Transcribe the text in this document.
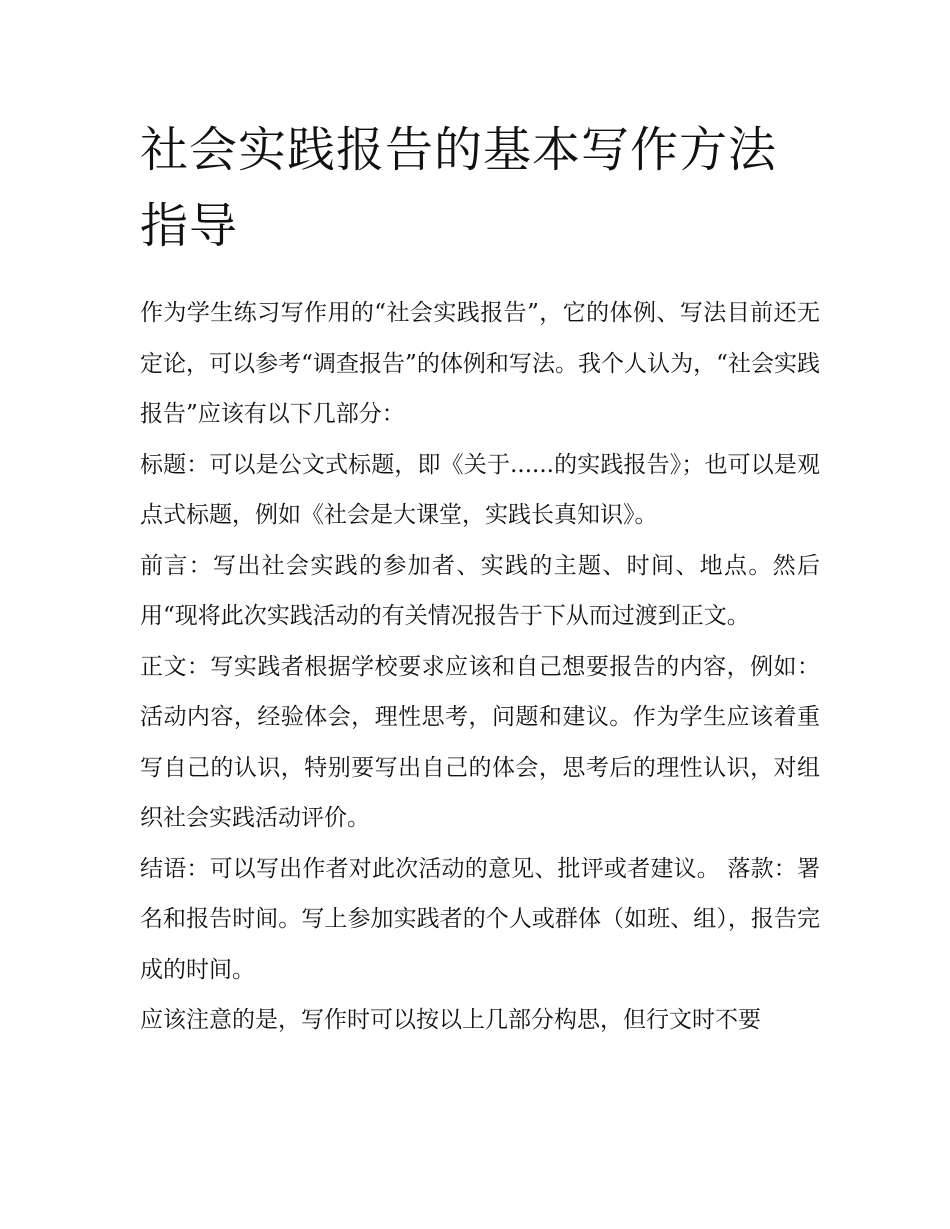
社会实践报告的基本写作方法指导

作为学生练习写作用的“社会实践报告”，它的体例、写法目前还无定论，可以参考“调查报告”的体例和写法。我个人认为，“社会实践报告”应该有以下几部分：

标题：可以是公文式标题，即《关于......的实践报告》；也可以是观点式标题，例如《社会是大课堂，实践长真知识》。

前言：写出社会实践的参加者、实践的主题、时间、地点。然后用“现将此次实践活动的有关情况报告于下从而过渡到正文。

正文：写实践者根据学校要求应该和自己想要报告的内容，例如：活动内容，经验体会，理性思考，问题和建议。作为学生应该着重写自己的认识，特别要写出自己的体会，思考后的理性认识，对组织社会实践活动评价。

结语：可以写出作者对此次活动的意见、批评或者建议。 落款：署名和报告时间。写上参加实践者的个人或群体（如班、组），报告完成的时间。

应该注意的是，写作时可以按以上几部分构思，但行文时不要
